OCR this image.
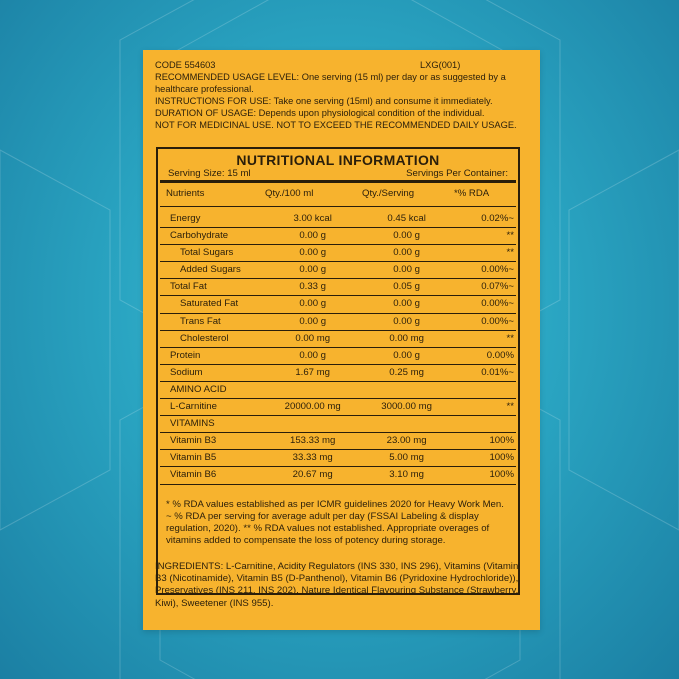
CODE 554603	LXG(001)

RECOMMENDED USAGE LEVEL: One serving (15 ml) per day or as suggested by a healthcare professional.

INSTRUCTIONS FOR USE: Take one serving (15ml) and consume it immediately.

DURATION OF USAGE: Depends upon physiological condition of the individual.

NOT FOR MEDICINAL USE. NOT TO EXCEED THE RECOMMENDED DAILY USAGE.

NUTRITIONAL INFORMATION
Serving Size: 15 ml	Servings Per Container:
Nutrients	Qty./100 ml	Qty./Serving	*% RDA
Energy	3.00 kcal	0.45 kcal	0.02%~
Carbohydrate	0.00 g	0.00 g	**
Total Sugars	0.00 g	0.00 g	**
Added Sugars	0.00 g	0.00 g	0.00%~
Total Fat	0.33 g	0.05 g	0.07%~
Saturated Fat	0.00 g	0.00 g	0.00%~
Trans Fat	0.00 g	0.00 g	0.00%~
Cholesterol	0.00 mg	0.00 mg	**
Protein	0.00 g	0.00 g	0.00%
Sodium	1.67 mg	0.25 mg	0.01%~
AMINO ACID
L-Carnitine	20000.00 mg	3000.00 mg	**
VITAMINS
Vitamin B3	153.33 mg	23.00 mg	100%
Vitamin B5	33.33 mg	5.00 mg	100%
Vitamin B6	20.67 mg	3.10 mg	100%
* % RDA values established as per ICMR guidelines 2020 for Heavy Work Men. ~ % RDA per serving for average adult per day (FSSAI Labeling & display regulation, 2020). ** % RDA values not established. Appropriate overages of vitamins added to compensate the loss of potency during storage.
INGREDIENTS: L-Carnitine, Acidity Regulators (INS 330, INS 296), Vitamins (Vitamin B3 (Nicotinamide), Vitamin B5 (D-Panthenol), Vitamin B6 (Pyridoxine Hydrochloride)), Preservatives (INS 211, INS 202), Nature Identical Flavouring Substance (Strawberry, Kiwi), Sweetener (INS 955).
